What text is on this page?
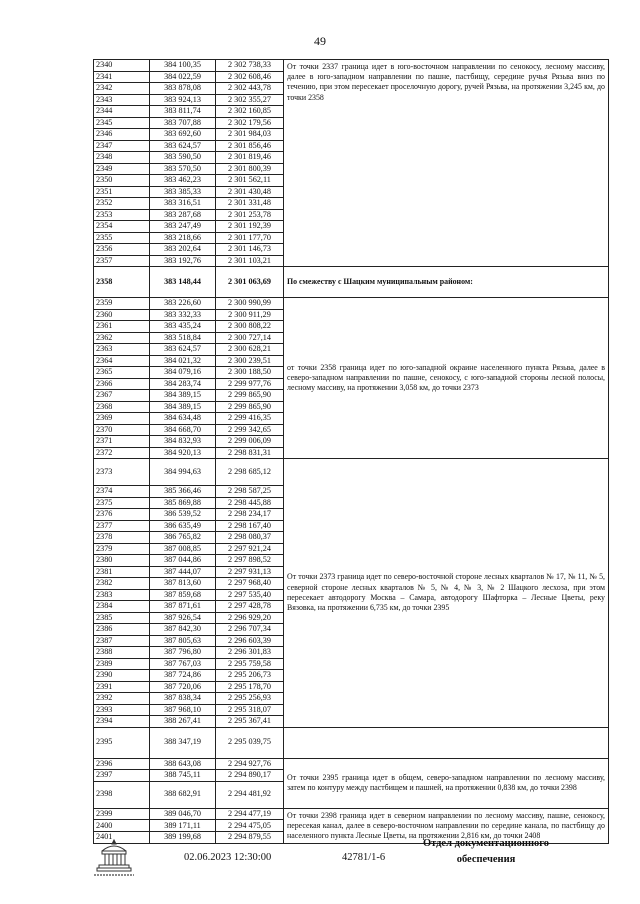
49
2340	384 100,35	2 302 738,33	От точки 2337 граница идет в юго-восточном направлении по сенокосу, лесному массиву, далее в юго-западном направлении по пашне, пастбищу, середине ручья Рязьва вниз по течению, при этом пересекает проселочную дорогу, ручей Рязьва, на протяжении 3,245 км, до точки 2358
2341	384 022,59	2 302 608,46	
2342	383 878,08	2 302 443,78	
2343	383 924,13	2 302 355,27	
2344	383 811,74	2 302 160,85	
2345	383 707,88	2 302 179,56	
2346	383 692,60	2 301 984,03	
2347	383 624,57	2 301 856,46	
2348	383 590,50	2 301 819,46	
2349	383 570,50	2 301 800,39	
2350	383 462,23	2 301 562,11	
2351	383 385,33	2 301 430,48	
2352	383 316,51	2 301 331,48	
2353	383 287,68	2 301 253,78	
2354	383 247,49	2 301 192,39	
2355	383 218,66	2 301 177,70	
2356	383 202,64	2 301 146,73	
2357	383 192,76	2 301 103,21	
2358	383 148,44	2 301 063,69	По смежеству с Шацким муниципальным районом:
2359	383 226,60	2 300 990,99	от точки 2358 граница идет по юго-западной окраине населенного пункта Рязьва, далее в северо-западном направлении по пашне, сенокосу, с юго-западной стороны лесной полосы, лесному массиву, на протяжении 3,058 км, до точки 2373
2360	383 332,33	2 300 911,29	
2361	383 435,24	2 300 808,22	
2362	383 518,84	2 300 727,14	
2363	383 624,57	2 300 628,21	
2364	384 021,32	2 300 239,51	
2365	384 079,16	2 300 188,50	
2366	384 283,74	2 299 977,76	
2367	384 389,15	2 299 865,90	
2368	384 389,15	2 299 865,90	
2369	384 634,48	2 299 416,35	
2370	384 668,70	2 299 342,65	
2371	384 832,93	2 299 006,09	
2372	384 920,13	2 298 831,31	
2373	384 994,63	2 298 685,12	От точки 2373 граница идет по северо-восточной стороне лесных кварталов № 17, № 11, № 5, северной стороне лесных кварталов № 5, № 4, № 3, № 2 Шацкого лесхоза, при этом пересекает автодорогу Москва – Самара, автодорогу Шафторка – Лесные Цветы, реку Вязовка, на протяжении 6,735 км, до точки 2395
2374	385 366,46	2 298 587,25	
2375	385 869,88	2 298 445,88	
2376	386 539,52	2 298 234,17	
2377	386 635,49	2 298 167,40	
2378	386 765,82	2 298 080,37	
2379	387 008,85	2 297 921,24	
2380	387 044,86	2 297 898,52	
2381	387 444,07	2 297 931,13	
2382	387 813,60	2 297 968,40	
2383	387 859,68	2 297 535,40	
2384	387 871,61	2 297 428,78	
2385	387 926,54	2 296 929,20	
2386	387 842,30	2 296 707,34	
2387	387 805,63	2 296 603,39	
2388	387 796,80	2 296 301,83	
2389	387 767,03	2 295 759,58	
2390	387 724,86	2 295 206,73	
2391	387 720,06	2 295 178,70	
2392	387 838,34	2 295 256,93	
2393	387 968,10	2 295 318,07	
2394	388 267,41	2 295 367,41	
2395	388 347,19	2 295 039,75	
2396	388 643,08	2 294 927,76	От точки 2395 граница идет в общем, северо-западном направлении по лесному массиву, затем по контуру между пастбищем и пашней, на протяжении 0,838 км, до точки 2398
2397	388 745,11	2 294 890,17	
2398	388 682,91	2 294 481,92	
2399	389 046,70	2 294 477,19	От точки 2398 граница идет в северном направлении по лесному массиву, пашне, сенокосу, пересекая канал, далее в северо-восточном направлении по середине канала, по пастбищу до населенного пункта Лесные Цветы, на протяжении 2,816 км, до точки 2408
2400	389 171,11	2 294 475,05	
2401	389 199,68	2 294 879,55	
02.06.2023 12:30:00	42781/1-6
Отдел документационного
обеспечения
